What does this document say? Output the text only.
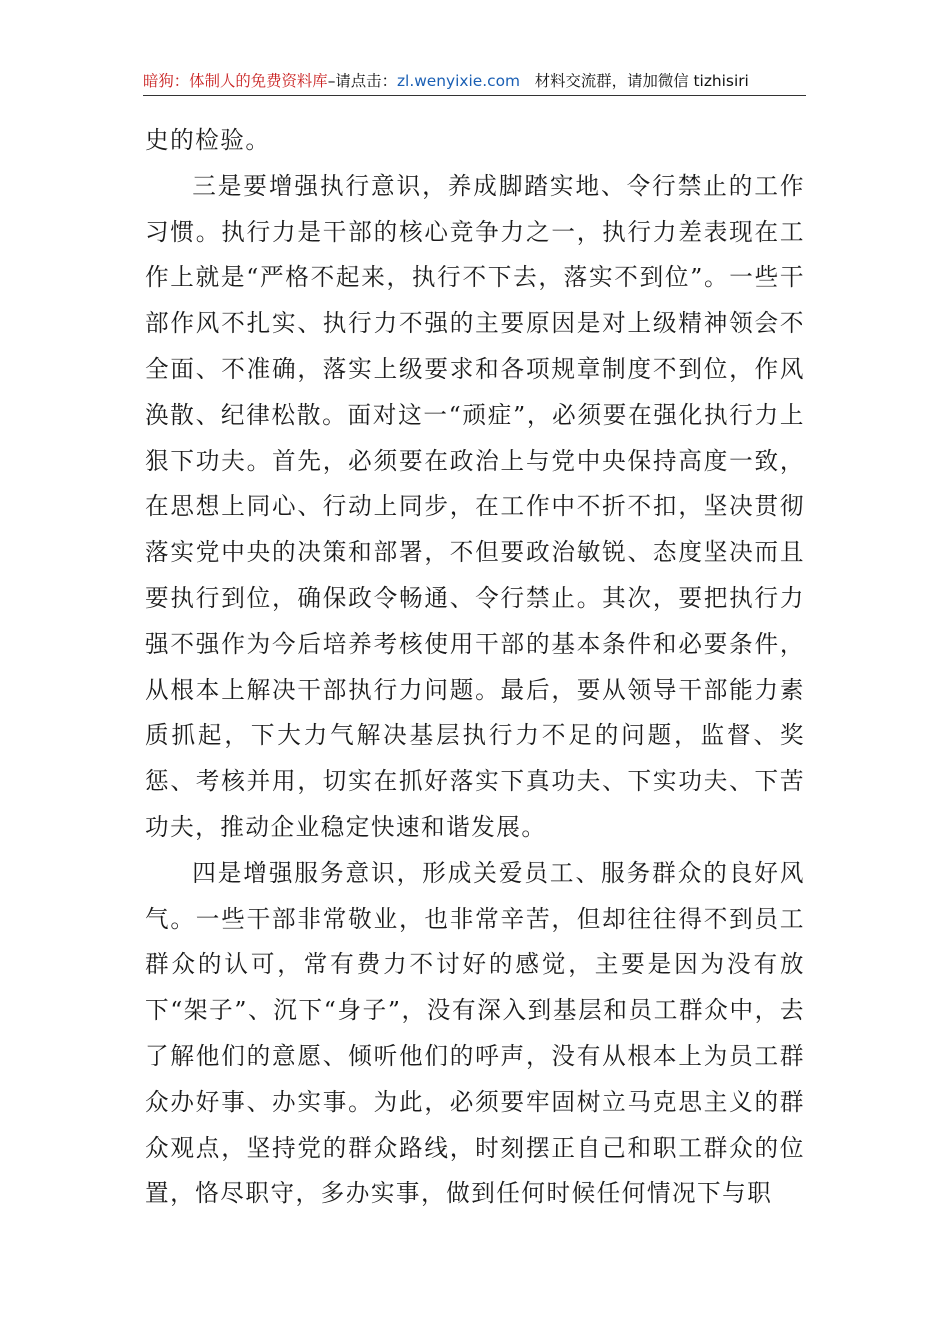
暗狗：体制人的免费资料库–请点击：zl.wenyixie.com 材料交流群，请加微信 tizhisiri

史的检验。

三是要增强执行意识，养成脚踏实地、令行禁止的工作习惯。执行力是干部的核心竞争力之一，执行力差表现在工作上就是“严格不起来，执行不下去，落实不到位”。一些干部作风不扎实、执行力不强的主要原因是对上级精神领会不全面、不准确，落实上级要求和各项规章制度不到位，作风涣散、纪律松散。面对这一“顽症”，必须要在强化执行力上狠下功夫。首先，必须要在政治上与党中央保持高度一致，在思想上同心、行动上同步，在工作中不折不扣，坚决贯彻落实党中央的决策和部署，不但要政治敏锐、态度坚决而且要执行到位，确保政令畅通、令行禁止。其次，要把执行力强不强作为今后培养考核使用干部的基本条件和必要条件，从根本上解决干部执行力问题。最后，要从领导干部能力素质抓起，下大力气解决基层执行力不足的问题，监督、奖惩、考核并用，切实在抓好落实下真功夫、下实功夫、下苦功夫，推动企业稳定快速和谐发展。

四是增强服务意识，形成关爱员工、服务群众的良好风气。一些干部非常敬业，也非常辛苦，但却往往得不到员工群众的认可，常有费力不讨好的感觉，主要是因为没有放下“架子”、沉下“身子”，没有深入到基层和员工群众中，去了解他们的意愿、倾听他们的呼声，没有从根本上为员工群众办好事、办实事。为此，必须要牢固树立马克思主义的群众观点，坚持党的群众路线，时刻摆正自己和职工群众的位置，恪尽职守，多办实事，做到任何时候任何情况下与职
